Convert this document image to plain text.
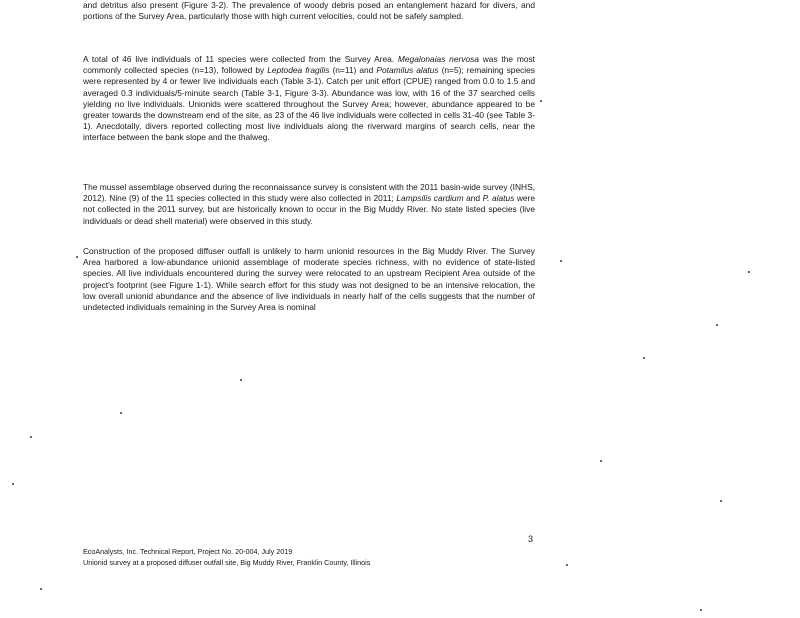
and detritus also present (Figure 3-2). The prevalence of woody debris posed an entanglement hazard for divers, and portions of the Survey Area, particularly those with high current velocities, could not be safely sampled.

A total of 46 live individuals of 11 species were collected from the Survey Area. Megalonaias nervosa was the most commonly collected species (n=13), followed by Leptodea fragilis (n=11) and Potamilus alatus (n=5); remaining species were represented by 4 or fewer live individuals each (Table 3-1). Catch per unit effort (CPUE) ranged from 0.0 to 1.5 and averaged 0.3 individuals/5-minute search (Table 3-1, Figure 3-3). Abundance was low, with 16 of the 37 searched cells yielding no live individuals. Unionids were scattered throughout the Survey Area; however, abundance appeared to be greater towards the downstream end of the site, as 23 of the 46 live individuals were collected in cells 31-40 (see Table 3-1). Anecdotally, divers reported collecting most live individuals along the riverward margins of search cells, near the interface between the bank slope and the thalweg.

The mussel assemblage observed during the reconnaissance survey is consistent with the 2011 basin-wide survey (INHS, 2012). Nine (9) of the 11 species collected in this study were also collected in 2011; Lampsilis cardium and P. alatus were not collected in the 2011 survey, but are historically known to occur in the Big Muddy River. No state listed species (live individuals or dead shell material) were observed in this study.

Construction of the proposed diffuser outfall is unlikely to harm unionid resources in the Big Muddy River. The Survey Area harbored a low-abundance unionid assemblage of moderate species richness, with no evidence of state-listed species. All live individuals encountered during the survey were relocated to an upstream Recipient Area outside of the project's footprint (see Figure 1-1). While search effort for this study was not designed to be an intensive relocation, the low overall unionid abundance and the absence of live individuals in nearly half of the cells suggests that the number of undetected individuals remaining in the Survey Area is nominal

3
EcoAnalysts, Inc. Technical Report, Project No. 20-004, July 2019
Unionid survey at a proposed diffuser outfall site, Big Muddy River, Franklin County, Illinois
